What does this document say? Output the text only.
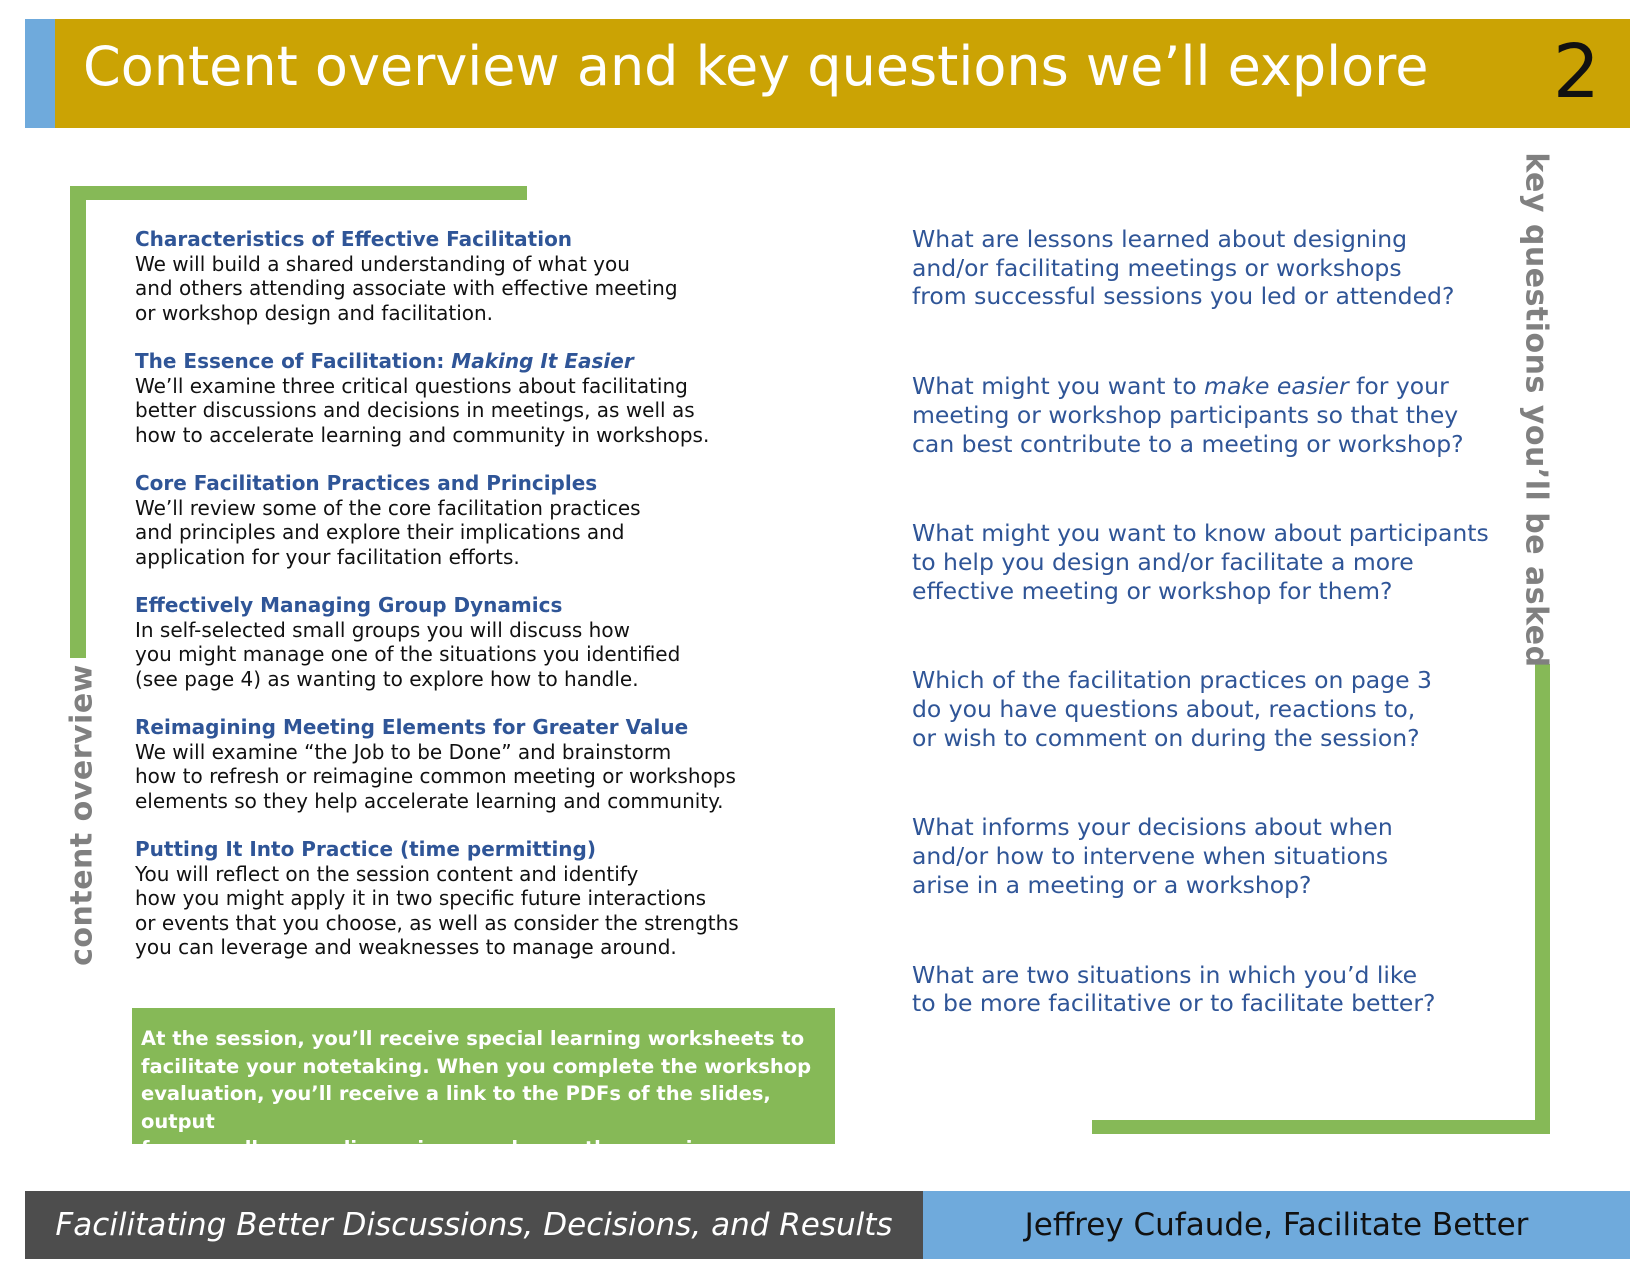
Content overview and key questions we’ll explore 2
content overview
key questions you’ll be asked
Characteristics of Effective Facilitation
We will build a shared understanding of what you
and others attending associate with effective meeting
or workshop design and facilitation.
The Essence of Facilitation: Making It Easier
We’ll examine three critical questions about facilitating
better discussions and decisions in meetings, as well as
how to accelerate learning and community in workshops.
Core Facilitation Practices and Principles
We’ll review some of the core facilitation practices
and principles and explore their implications and
application for your facilitation efforts.
Effectively Managing Group Dynamics
In self-selected small groups you will discuss how
you might manage one of the situations you identified
(see page 4) as wanting to explore how to handle.
Reimagining Meeting Elements for Greater Value
We will examine “the Job to be Done” and brainstorm
how to refresh or reimagine common meeting or workshops
elements so they help accelerate learning and community.
Putting It Into Practice (time permitting)
You will reflect on the session content and identify
how you might apply it in two specific future interactions
or events that you choose, as well as consider the strengths
you can leverage and weaknesses to manage around.
At the session, you’ll receive special learning worksheets to
facilitate your notetaking. When you complete the workshop
evaluation, you’ll receive a link to the PDFs of the slides, output
from small group discussions, and any other session materials.
What are lessons learned about designing
and/or facilitating meetings or workshops
from successful sessions you led or attended?
What might you want to make easier for your
meeting or workshop participants so that they
can best contribute to a meeting or workshop?
What might you want to know about participants
to help you design and/or facilitate a more
effective meeting or workshop for them?
Which of the facilitation practices on page 3
do you have questions about, reactions to,
or wish to comment on during the session?
What informs your decisions about when
and/or how to intervene when situations
arise in a meeting or a workshop?
What are two situations in which you’d like
to be more facilitative or to facilitate better?
Facilitating Better Discussions, Decisions, and Results	Jeffrey Cufaude, Facilitate Better
